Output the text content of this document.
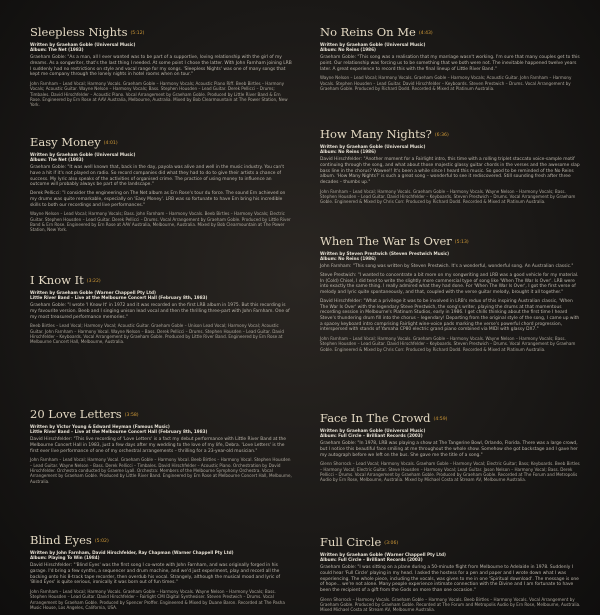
Sleepless Nights (5:12)
Written by Graeham Goble (Universal Music)
Album: The Net (1983)
Graeham Goble: "As a man, all I ever wanted was to be part of a supportive, loving relationship with the girl of my dreams. As a songwriter, that's the last thing I needed. At some point I chose the latter. With John Farnham joining LRB I suddenly had no restrictions on style and vocal range for my songs. 'Sleepless Nights' was one of many songs that kept me company through the lonely nights in hotel rooms when on tour."
John Farnham – Lead Vocal; Harmony Vocals. Graeham Goble – Harmony Vocals; Acoustic Piano Riff. Beeb Birtles – Harmony Vocals; Acoustic Guitar. Wayne Nelson – Harmony Vocals; Bass. Stephen Housden – Lead Guitar. Derek Pellicci – Drums; Timbales. David Hirschfelder – Acoustic Piano. Vocal Arrangement by Graeham Goble. Produced by Little River Band & Ern Rose. Engineered by Ern Rose at AAV Australia, Melbourne, Australia. Mixed by Bob Clearmountain at The Power Station, New York.
Easy Money (4:01)
Written by Graeham Goble (Universal Music)
Album: The Net (1983)
Graeham Goble: "It was well known that, back in the day, payola was alive and well in the music industry. You can't have a hit if it's not played on radio. So record companies did what they had to do to give their artists a chance of success. My lyric also speaks of the activities of organised crime. The practice of using money to influence an outcome will probably always be part of the landscape."
Derek Pellicci: "I consider the engineering on The Net album as Ern Rose's tour du force. The sound Ern achieved on my drums was quite remarkable, especially on 'Easy Money'. LRB was so fortunate to have Ern bring his incredible skills to both our recordings and live performances."
Wayne Nelson – Lead Vocal; Harmony Vocals; Bass. John Farnham – Harmony Vocals. Beeb Birtles – Harmony Vocals; Electric Guitar. Stephen Housden – Lead Guitar. Derek Pellicci – Drums. Vocal Arrangement by Graeham Goble. Produced by Little River Band & Ern Rose. Engineered by Ern Rose at AAV Australia, Melbourne, Australia. Mixed by Bob Clearmountain at The Power Station, New York.
I Know It (3:22)
Written by Graeham Goble (Warner Chappell Pty Ltd)
Little River Band – Live at the Melbourne Concert Hall (February 8th, 1983)
Graeham Goble: "I wrote 'I Know It' in 1972 and it was recorded on the first LRB album in 1975. But this recording is my favourite version. Beeb and I singing unison lead vocal and then the thrilling three-part with John Farnham. One of my most treasured performance memories."
Beeb Birtles – Lead Vocal; Harmony Vocal; Acoustic Guitar. Graeham Goble – Unison Lead Vocal; Harmony Vocal; Acoustic Guitar. John Farnham – Harmony Vocal. Wayne Nelson – Bass. Derek Pellicci – Drums. Stephen Housden – Lead Guitar. David Hirschfelder – Keyboards. Vocal Arrangement by Graeham Goble. Produced by Little River Band. Engineered by Ern Rose at Melbourne Concert Hall, Melbourne, Australia.
20 Love Letters (3:58)
Written by Victor Young & Edward Heyman (Famous Music)
Little River Band – Live at the Melbourne Concert Hall (February 8th, 1983)
David Hirschfelder: "This live recording of 'Love Letters' is a fact my debut performance with Little River Band at the Melbourne Concert Hall in 1983, just a few days after my wedding to the love of my life, Debra. 'Love Letters' is the first ever live performance of one of my orchestral arrangements – thrilling for a 23-year-old musician."
John Farnham – Lead Vocal; Harmony Vocal. Graeham Goble – Harmony Vocal. Beeb Birtles – Harmony Vocal. Stephen Housden – Lead Guitar. Wayne Nelson – Bass. Derek Pellicci – Timbales. David Hirschfelder – Acoustic Piano. Orchestration by David Hirschfelder. Orchestra conducted by Graeme Lyall. Orchestra: Members of the Melbourne Symphony Orchestra. Vocal Arrangement by Graeham Goble. Produced by Little River Band. Engineered by Ern Rose at Melbourne Concert Hall, Melbourne, Australia.
Blind Eyes (5:02)
Written by John Farnham, David Hirschfelder, Ray Chapman (Warner Chappell Pty Ltd)
Album: Playing To Win (1984)
David Hirschfelder: "'Blind Eyes' was the first song I co-wrote with John Farnham, and was originally forged in his garage. I'd bring a few synths, a sequencer and drum machine, and we'd just experiment, play and record all the backing onto his 8-track tape recorder, then overdub his vocal. Strangely, although the musical mood and lyric of 'Blind Eyes' is quite serious, ironically it was born out of fun times."
John Farnham – Lead Vocal; Harmony Vocals. Graeham Goble – Harmony Vocals. Wayne Nelson – Harmony Vocals; Bass. Stephen Housden – Lead Guitar. David Hirschfelder – Fairlight CMI Digital Synthesiser. Steven Prestwich – Drums. Vocal Arrangement by Graeham Goble. Produced by Spencer Proffer. Engineered & Mixed by Duane Baron. Recorded at The Pasha Music House, Los Angeles, California, USA.
No Reins On Me (4:43)
Written by Graeham Goble (Universal Music)
Album: No Reins (1986)
Graeham Goble: "This song was a realisation that my marriage wasn't working. I'm sure that many couples get to this point. Our relationship was forcing us to be something that we both were not. The inevitable happened twelve years later. A great experience to record this with the final lineup of Little River Band."
Wayne Nelson – Lead Vocal; Harmony Vocals. Graeham Goble – Harmony Vocals; Acoustic Guitar. John Farnham – Harmony Vocals. Stephen Housden – Lead Guitar. David Hirschfelder – Keyboards. Steven Prestwich – Drums. Vocal Arrangement by Graeham Goble. Produced by Richard Dodd. Recorded & Mixed at Platinum Australia.
How Many Nights? (6:36)
Written by Graeham Goble (Universal Music)
Album: No Reins (1986)
David Hirschfelder: "Another moment for a Fairlight intro, this time with a rolling triplet staccato voice-sample motif continuing through the song, and what about those majestic glassy guitar chords in the verses and the awesome slap bass line in the chorus? Wowee!! It's been a while since I heard this music. So good to be reminded of the No Reins album. 'How Many Nights?' is such a great song – wonderful to see it rediscovered. Still sounding fresh after three decades – thumbs up."
John Farnham – Lead Vocal; Harmony Vocals. Graeham Goble – Harmony Vocals. Wayne Nelson – Harmony Vocals; Bass. Stephen Housden – Lead Guitar. David Hirschfelder – Keyboards. Steven Prestwich – Drums. Vocal Arrangement by Graeham Goble. Engineered & Mixed by Chris Corr. Produced by Richard Dodd. Recorded & Mixed at Platinum Australia.
When The War Is Over (5:13)
Written by Steven Prestwich (Steven Prestwich Music)
Album: No Reins (1986)
John Farnham: "This song was written by Steven Prestwich. It's a wonderful, wonderful song. An Australian classic."
Steve Prestwich: "I wanted to concentrate a bit more on my songwriting and LRB was a good vehicle for my material. In (Cold) Chisel, I did tend to write the slightly more commercial type of song like 'When The War Is Over'. LRB were into exactly the same thing. I really admired what they had done. For 'When The War Is Over', I got the first verse of melody and lyric quite spontaneously, and that, coupled with the verse guitar melody, brought it all together."
David Hirschfelder: "What a privilege it was to be involved in LRB's redux of this inspiring Australian classic, 'When The War Is Over' with the legendary Steve Prestwich, the song's writer, playing the drums at that momentous recording session in Melbourne's Platinum Studios, early in 1986. I get chills thinking about the first time I heard Steve's thundering drum fill into the chorus – legendary! Departing from the original style of the song, I came up with a spacey keyboard intro comprising Fairlight wine-voice pads marking the verse's powerful chord progression, interspersed with stands of Yamaha CP80 electric grand piano combined via MIDI with glassy DX7."
John Farnham – Lead Vocal; Harmony Vocals. Graeham Goble – Harmony Vocals. Wayne Nelson – Harmony Vocals; Bass. Stephen Housden – Lead Guitar. David Hirschfelder – Keyboards. Steven Prestwich – Drums. Vocal Arrangement by Graeham Goble. Engineered & Mixed by Chris Corr. Produced by Richard Dodd. Recorded & Mixed at Platinum Australia.
Face In The Crowd (4:59)
Written by Graeham Goble (Universal Music)
Album: Full Circle – Brilliant Records (2003)
Graeham Goble: "In 1978, LRB was playing a show at The Tangerine Bowl, Orlando, Florida. There was a large crowd, but I notice this beautiful face smiling at me throughout the whole show. Somehow she got backstage and I gave her my autograph before we left on the bus. She gave me the title of a song."
Glenn Shorrock – Lead Vocal; Harmony Vocals. Graeham Goble – Harmony Vocal; Electric Guitar; Bass; Keyboards. Beeb Birtles – Harmony Vocal; Electric Guitar. Steve Housden – Harmony Vocal; Lead Guitar. Jason Nelson – Harmony Vocal; Bass. Derek Pellicci – Drums. Vocal Arrangement by Graeham Goble. Produced by Graeham Goble. Recorded at The Forum and Metropolis Audio by Ern Rose, Melbourne, Australia. Mixed by Michael Costa at Stream AV, Melbourne Australia.
Full Circle (3:06)
Written by Graeham Goble (Warner Chappell Pty Ltd)
Album: Full Circle – Brilliant Records (2003)
Graeham Goble: "I was sitting on a plane during a 50-minute flight from Melbourne to Adelaide in 1978. Suddenly I could hear 'Full Circle' playing in my head. I asked the hostess for a pen and paper and I wrote down what I was experiencing. The whole piece, including the vocals, was given to me in one 'Spiritual download'. The message is one of hope... we're not alone. Many people experience intimate connection with the Divine and I am fortunate to have been the recipient of a gift from the Gods on more than one occasion."
Glenn Shorrock – Harmony Vocals. Graeham Goble – Harmony Vocals. Beeb Birtles – Harmony Vocals. Vocal Arrangement by Graeham Goble. Produced by Graeham Goble. Recorded at The Forum and Metropolis Audio by Ern Rose, Melbourne, Australia. Mixed Michael Costa at Stream AV, Melbourne Australia.
